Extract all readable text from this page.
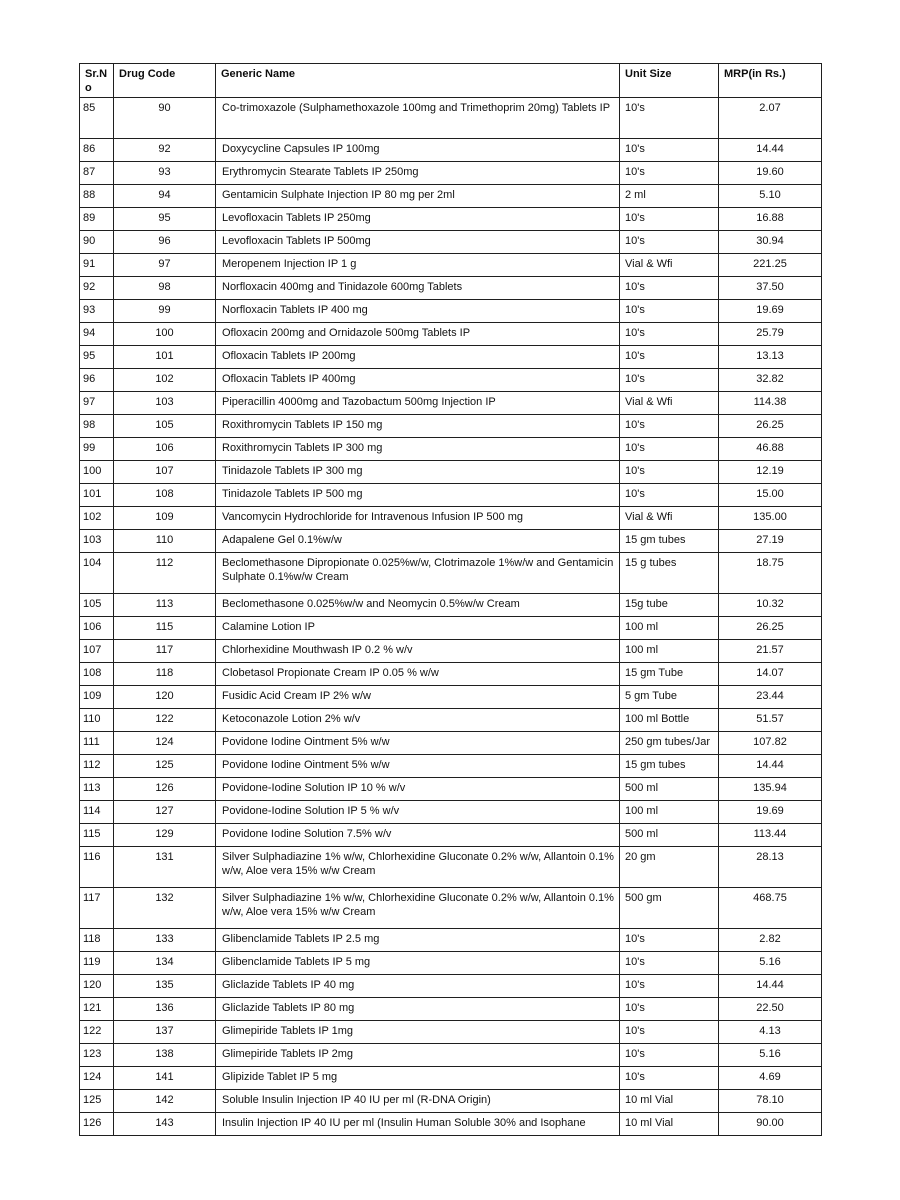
Sr.No	Drug Code	Generic Name	Unit Size	MRP(in Rs.)
85	90	Co-trimoxazole (Sulphamethoxazole 100mg and Trimethoprim 20mg) Tablets IP	10's	2.07
86	92	Doxycycline Capsules IP 100mg	10's	14.44
87	93	Erythromycin Stearate Tablets IP 250mg	10's	19.60
88	94	Gentamicin Sulphate Injection IP 80 mg per 2ml	2 ml	5.10
89	95	Levofloxacin Tablets IP 250mg	10's	16.88
90	96	Levofloxacin Tablets IP 500mg	10's	30.94
91	97	Meropenem Injection IP 1 g	Vial & Wfi	221.25
92	98	Norfloxacin 400mg and Tinidazole 600mg Tablets	10's	37.50
93	99	Norfloxacin Tablets IP 400 mg	10's	19.69
94	100	Ofloxacin 200mg and Ornidazole 500mg Tablets IP	10's	25.79
95	101	Ofloxacin Tablets IP 200mg	10's	13.13
96	102	Ofloxacin Tablets IP 400mg	10's	32.82
97	103	Piperacillin 4000mg and Tazobactum 500mg Injection IP	Vial & Wfi	114.38
98	105	Roxithromycin Tablets IP 150 mg	10's	26.25
99	106	Roxithromycin Tablets IP 300 mg	10's	46.88
100	107	Tinidazole Tablets IP 300 mg	10's	12.19
101	108	Tinidazole Tablets IP 500 mg	10's	15.00
102	109	Vancomycin Hydrochloride for Intravenous Infusion IP 500 mg	Vial & Wfi	135.00
103	110	Adapalene Gel 0.1%w/w	15 gm tubes	27.19
104	112	Beclomethasone Dipropionate 0.025%w/w, Clotrimazole 1%w/w and Gentamicin Sulphate 0.1%w/w Cream	15 g tubes	18.75
105	113	Beclomethasone 0.025%w/w and Neomycin 0.5%w/w Cream	15g tube	10.32
106	115	Calamine Lotion IP	100 ml	26.25
107	117	Chlorhexidine Mouthwash IP 0.2 % w/v	100 ml	21.57
108	118	Clobetasol Propionate Cream IP 0.05 % w/w	15 gm Tube	14.07
109	120	Fusidic Acid Cream IP 2% w/w	5 gm Tube	23.44
110	122	Ketoconazole Lotion 2% w/v	100 ml Bottle	51.57
111	124	Povidone Iodine Ointment 5% w/w	250 gm tubes/Jar	107.82
112	125	Povidone Iodine Ointment 5% w/w	15 gm tubes	14.44
113	126	Povidone-Iodine Solution IP 10 % w/v	500 ml	135.94
114	127	Povidone-Iodine Solution IP 5 % w/v	100 ml	19.69
115	129	Povidone Iodine Solution 7.5% w/v	500 ml	113.44
116	131	Silver Sulphadiazine 1% w/w, Chlorhexidine Gluconate 0.2% w/w, Allantoin 0.1% w/w, Aloe vera 15% w/w Cream	20 gm	28.13
117	132	Silver Sulphadiazine 1% w/w, Chlorhexidine Gluconate 0.2% w/w, Allantoin 0.1% w/w, Aloe vera 15% w/w Cream	500 gm	468.75
118	133	Glibenclamide Tablets IP 2.5 mg	10's	2.82
119	134	Glibenclamide Tablets IP 5 mg	10's	5.16
120	135	Gliclazide Tablets IP 40 mg	10's	14.44
121	136	Gliclazide Tablets IP 80 mg	10's	22.50
122	137	Glimepiride Tablets IP 1mg	10's	4.13
123	138	Glimepiride Tablets IP 2mg	10's	5.16
124	141	Glipizide Tablet IP 5 mg	10's	4.69
125	142	Soluble Insulin Injection IP 40 IU per ml (R-DNA Origin)	10 ml Vial	78.10
126	143	Insulin Injection IP 40 IU per ml (Insulin Human Soluble 30% and Isophane	10 ml Vial	90.00
